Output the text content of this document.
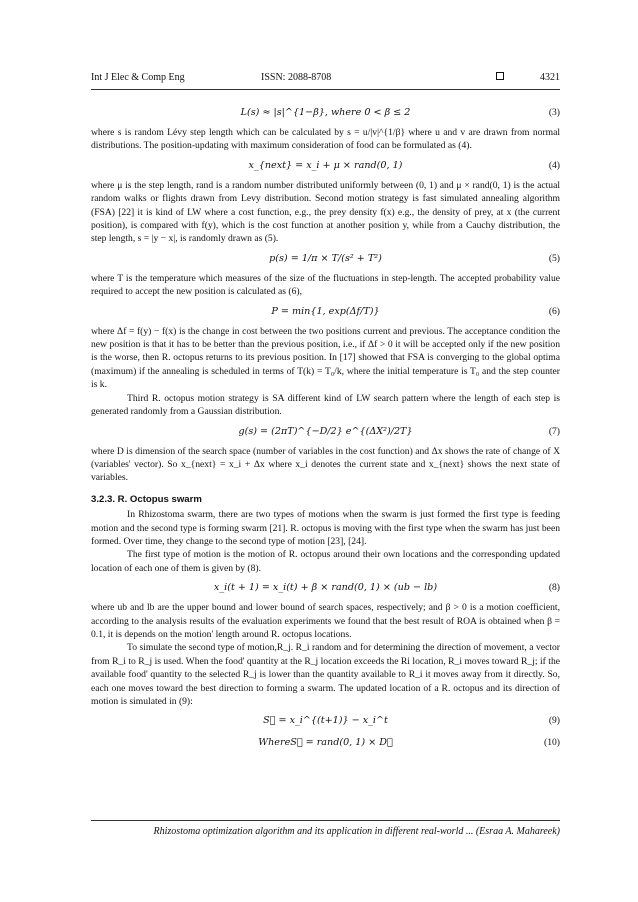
Int J Elec & Comp Eng	ISSN: 2088-8708	4321
L(s) ≈ |s|^{1−β}, where 0 < β ≤ 2	(3)

where s is random Lévy step length which can be calculated by s = u/|v|^{1/β} where u and v are drawn from normal distributions. The position-updating with maximum consideration of food can be formulated as (4).

x_{next} = x_i + μ × rand(0, 1)	(4)

where μ is the step length, rand is a random number distributed uniformly between (0, 1) and μ × rand(0, 1) is the actual random walks or flights drawn from Levy distribution. Second motion strategy is fast simulated annealing algorithm (FSA) [22] it is kind of LW where a cost function, e.g., the prey density f(x) e.g., the density of prey, at x (the current position), is compared with f(y), which is the cost function at another position y, while from a Cauchy distribution, the step length, s = |y − x|, is randomly drawn as (5).

p(s) = 1/π × T/(s² + T²)	(5)

where T is the temperature which measures of the size of the fluctuations in step-length. The accepted probability value required to accept the new position is calculated as (6),

P = min{1, exp(Δf/T)}	(6)

where Δf = f(y) − f(x) is the change in cost between the two positions current and previous. The acceptance condition the new position is that it has to be better than the previous position, i.e., if Δf > 0 it will be accepted only if the new position is the worse, then R. octopus returns to its previous position. In [17] showed that FSA is converging to the global optima (maximum) if the annealing is scheduled in terms of T(k) = T₀/k, where the initial temperature is T₀ and the step counter is k.

Third R. octopus motion strategy is SA different kind of LW search pattern where the length of each step is generated randomly from a Gaussian distribution.

g(s) = (2πT)^{−D/2} e^{(ΔX²)/2T}	(7)

where D is dimension of the search space (number of variables in the cost function) and Δx shows the rate of change of X (variables' vector). So x_{next} = x_i + Δx where x_i denotes the current state and x_{next} shows the next state of variables.

3.2.3. R. Octopus swarm

In Rhizostoma swarm, there are two types of motions when the swarm is just formed the first type is feeding motion and the second type is forming swarm [21]. R. octopus is moving with the first type when the swarm has just been formed. Over time, they change to the second type of motion [23], [24].

The first type of motion is the motion of R. octopus around their own locations and the corresponding updated location of each one of them is given by (8).

x_i(t + 1) = x_i(t) + β × rand(0, 1) × (ub − lb)	(8)

where ub and lb are the upper bound and lower bound of search spaces, respectively; and β > 0 is a motion coefficient, according to the analysis results of the evaluation experiments we found that the best result of ROA is obtained when β = 0.1, it is depends on the motion' length around R. octopus locations.

To simulate the second type of motion,R_j. R_i random and for determining the direction of movement, a vector from R_i to R_j is used. When the food' quantity at the R_j location exceeds the Ri location, R_i moves toward R_j; if the available food' quantity to the selected R_j is lower than the quantity available to R_i it moves away from it directly. So, each one moves toward the best direction to forming a swarm. The updated location of a R. octopus and its direction of motion is simulated in (9):

S⃗ = x_i^{(t+1)} − x_i^t	(9)
WhereS⃗ = rand(0, 1) × D⃗	(10)
Rhizostomа optimization algorithm and its application in different real-world ... (Esraa A. Mahareek)
